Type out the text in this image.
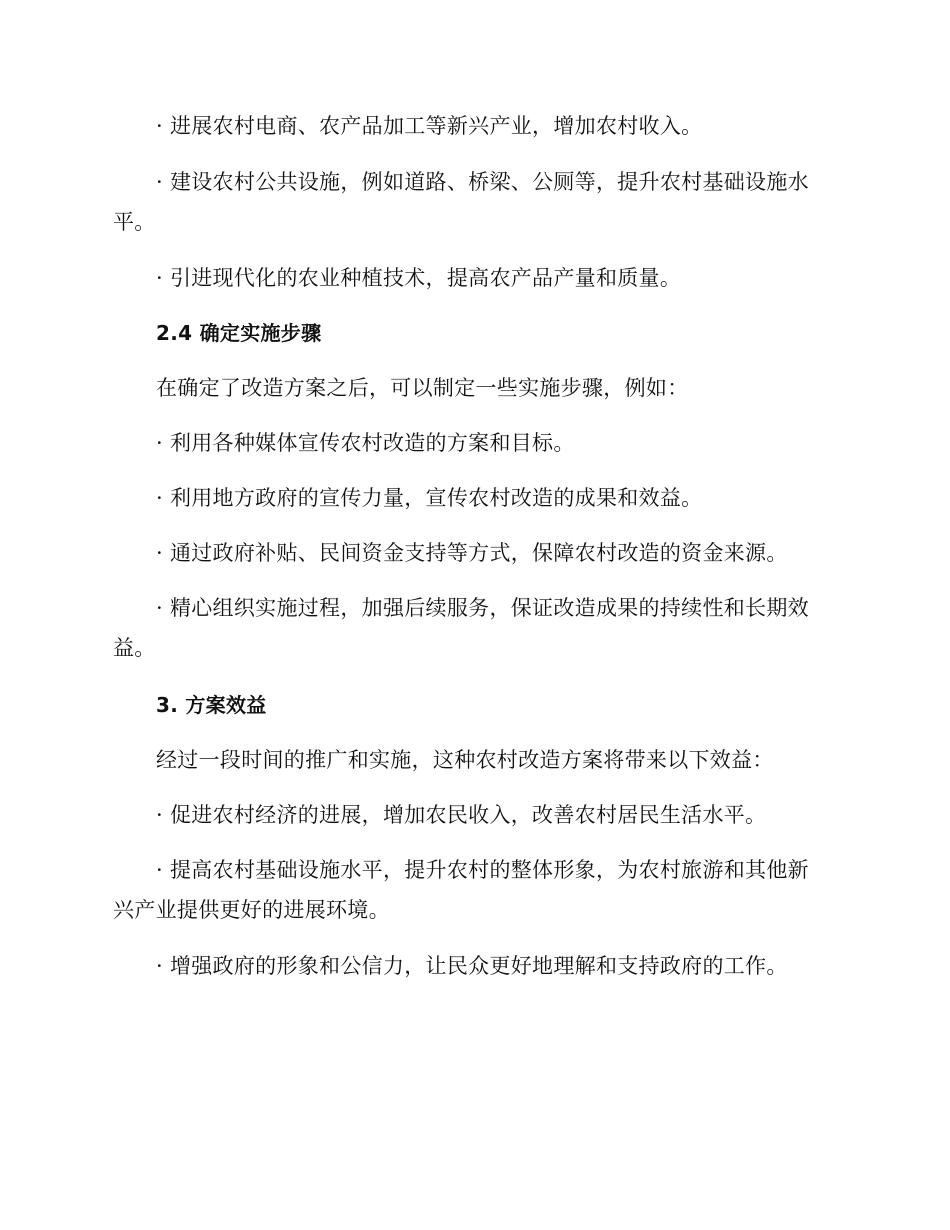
· 进展农村电商、农产品加工等新兴产业，增加农村收入。
· 建设农村公共设施，例如道路、桥梁、公厕等，提升农村基础设施水平。
· 引进现代化的农业种植技术，提高农产品产量和质量。
2.4 确定实施步骤
在确定了改造方案之后，可以制定一些实施步骤，例如：
· 利用各种媒体宣传农村改造的方案和目标。
· 利用地方政府的宣传力量，宣传农村改造的成果和效益。
· 通过政府补贴、民间资金支持等方式，保障农村改造的资金来源。
· 精心组织实施过程，加强后续服务，保证改造成果的持续性和长期效益。
3. 方案效益
经过一段时间的推广和实施，这种农村改造方案将带来以下效益：
· 促进农村经济的进展，增加农民收入，改善农村居民生活水平。
· 提高农村基础设施水平，提升农村的整体形象，为农村旅游和其他新兴产业提供更好的进展环境。
· 增强政府的形象和公信力，让民众更好地理解和支持政府的工作。
